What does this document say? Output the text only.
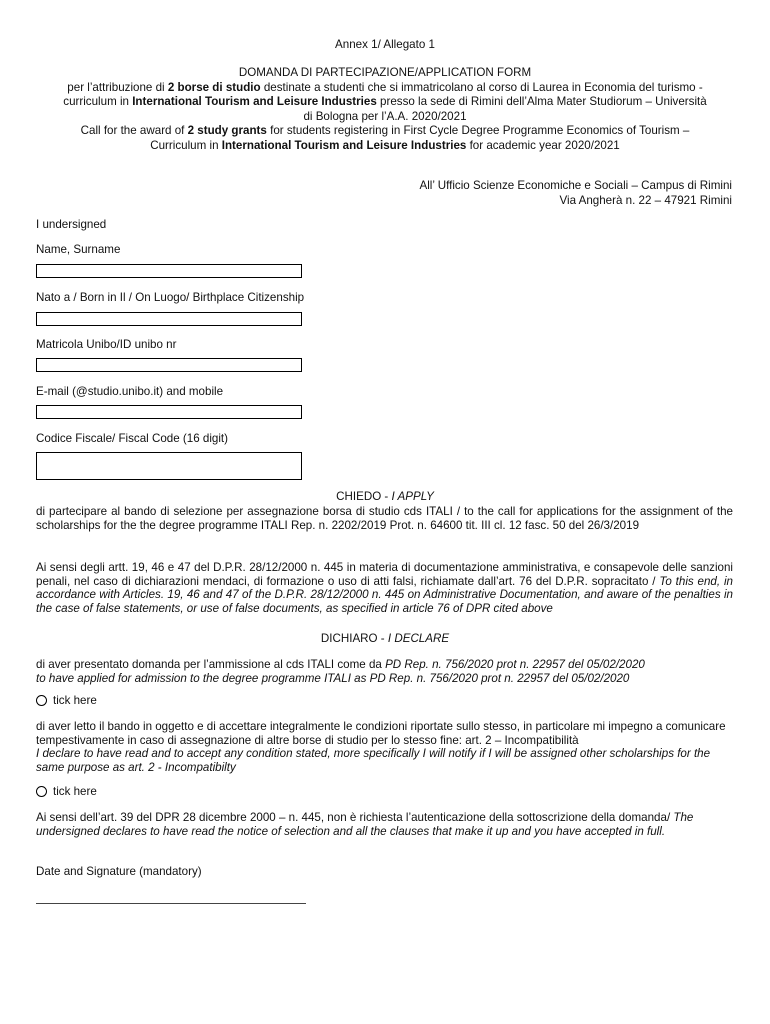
Annex 1/ Allegato 1
DOMANDA DI PARTECIPAZIONE/APPLICATION FORM
per l’attribuzione di 2 borse di studio destinate a studenti che si immatricolano al corso di Laurea in Economia del turismo -
curriculum in International Tourism and Leisure Industries presso la sede di Rimini dell’Alma Mater Studiorum – Università
di Bologna per l’A.A. 2020/2021
Call for the award of 2 study grants for students registering in First Cycle Degree Programme Economics of Tourism –
Curriculum in International Tourism and Leisure Industries for academic year 2020/2021
All’ Ufficio Scienze Economiche e Sociali – Campus di Rimini
Via Angherà n. 22 – 47921 Rimini
I undersigned
Name, Surname
Nato a / Born in Il / On Luogo/ Birthplace Citizenship
Matricola Unibo/ID unibo nr
E-mail (@studio.unibo.it) and mobile
Codice Fiscale/ Fiscal Code (16 digit)
CHIEDO - I APPLY
di partecipare al bando di selezione per assegnazione borsa di studio cds ITALI / to the call for applications for the assignment of the scholarships for the the degree programme ITALI Rep. n. 2202/2019 Prot. n. 64600 tit. III cl. 12 fasc. 50 del 26/3/2019
Ai sensi degli artt. 19, 46 e 47 del D.P.R. 28/12/2000 n. 445 in materia di documentazione amministrativa, e consapevole delle sanzioni penali, nel caso di dichiarazioni mendaci, di formazione o uso di atti falsi, richiamate dall’art. 76 del D.P.R. sopracitato / To this end, in accordance with Articles. 19, 46 and 47 of the D.P.R. 28/12/2000 n. 445 on Administrative Documentation, and aware of the penalties in the case of false statements, or use of false documents, as specified in article 76 of DPR cited above
DICHIARO - I DECLARE
di aver presentato domanda per l’ammissione al cds ITALI come da PD Rep. n. 756/2020 prot n. 22957 del 05/02/2020
to have applied for admission to the degree programme ITALI as PD Rep. n. 756/2020 prot n. 22957 del 05/02/2020
tick here
di aver letto il bando in oggetto e di accettare integralmente le condizioni riportate sullo stesso, in particolare mi impegno a comunicare tempestivamente in caso di assegnazione di altre borse di studio per lo stesso fine: art. 2 – Incompatibilità
I declare to have read and to accept any condition stated, more specifically I will notify if I will be assigned other scholarships for the same purpose as art. 2 - Incompatibilty
tick here
Ai sensi dell’art. 39 del DPR 28 dicembre 2000 – n. 445, non è richiesta l’autenticazione della sottoscrizione della domanda/ The undersigned declares to have read the notice of selection and all the clauses that make it up and you have accepted in full.
Date and Signature (mandatory)
